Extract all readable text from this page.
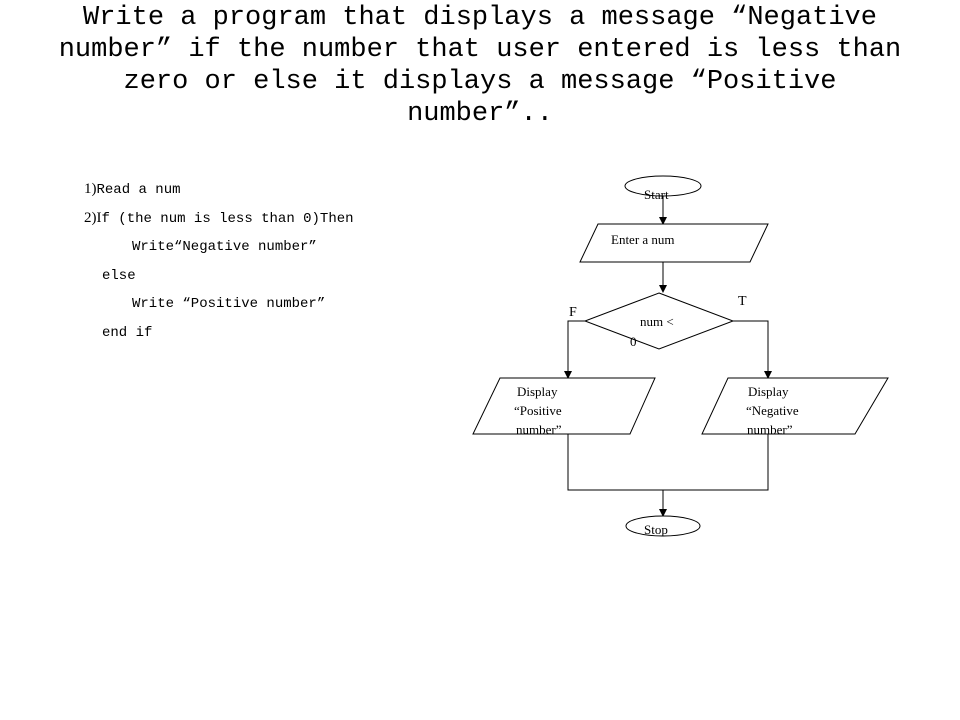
Write a program that displays a message “Negative
number” if the number that user entered is less than
zero or else it displays a message “Positive
number”..
1)Read a num
2)If (the num is less than 0)Then
Write“Negative number”
else
Write “Positive number”
end if
Start
Enter a num
num <
0
F
T
Display
“Positive
number”
Display
“Negative
number”
Stop
